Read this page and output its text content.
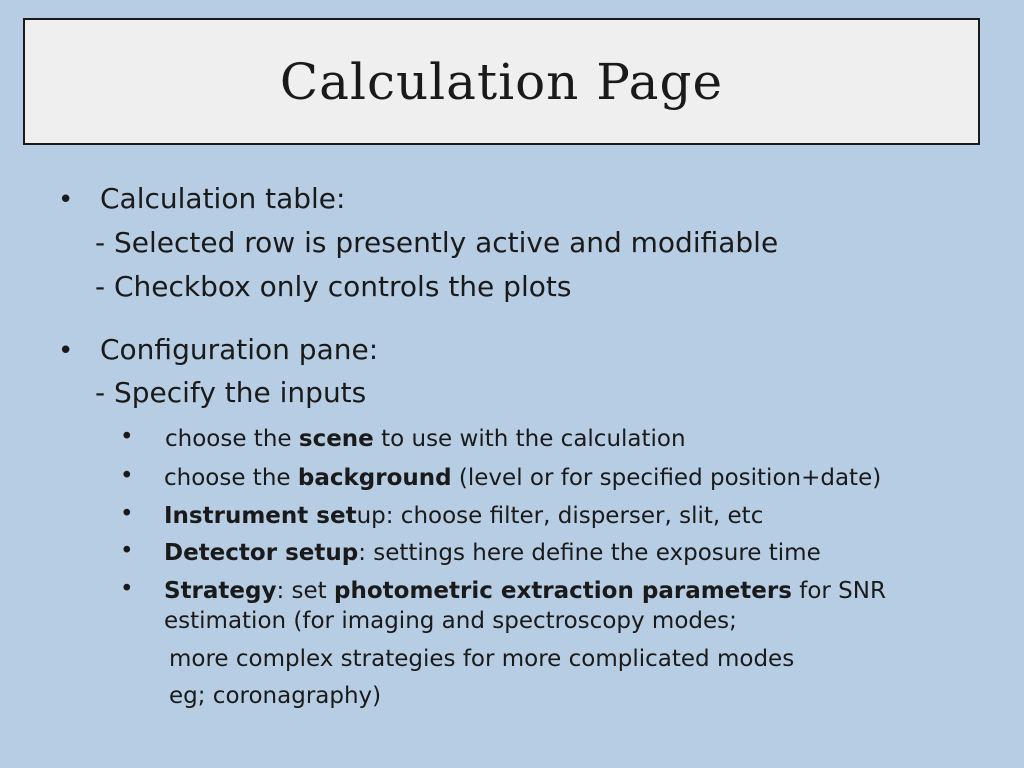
Calculation Page
• Calculation table:
- Selected row is presently active and modifiable
- Checkbox only controls the plots
• Configuration pane:
- Specify the inputs
• choose the scene to use with the calculation
• choose the background (level or for specified position+date)
• Instrument setup: choose filter, disperser, slit, etc
• Detector setup: settings here define the exposure time
• Strategy: set photometric extraction parameters for SNR
estimation (for imaging and spectroscopy modes;
more complex strategies for more complicated modes
eg; coronagraphy)
